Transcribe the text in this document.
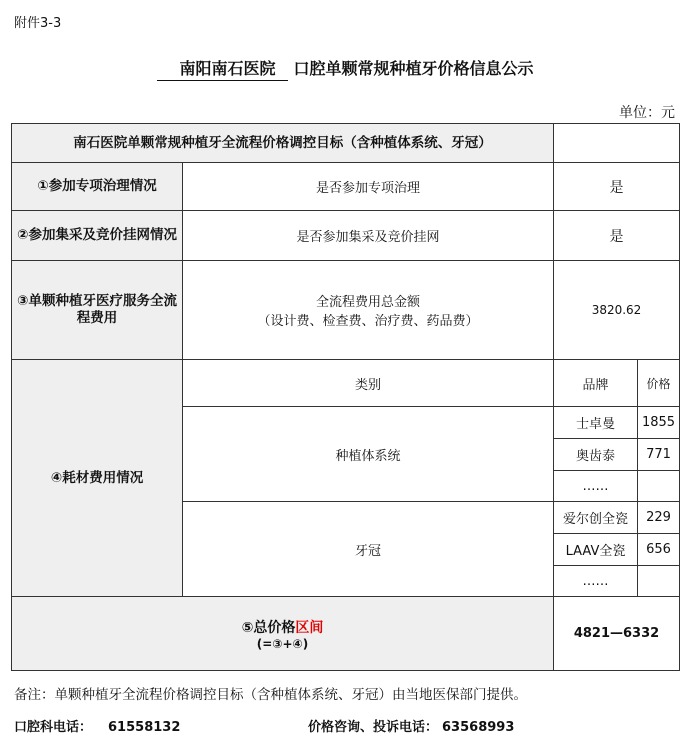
附件3-3
南阳南石医院 口腔单颗常规种植牙价格信息公示
单位：元
南石医院单颗常规种植牙全流程价格调控目标（含种植体系统、牙冠）			
①参加专项治理情况	是否参加专项治理	是	
②参加集采及竞价挂网情况	是否参加集采及竞价挂网	是	
③单颗种植牙医疗服务全流程费用	全流程费用总金额
（设计费、检查费、治疗费、药品费）	3820.62	
④耗材费用情况	类别	品牌	价格
	种植体系统	士卓曼	1855
		奥齿泰	771
		……	
	牙冠	爱尔创全瓷	229
		LAAV全瓷	656
		……	
⑤总价格区间
(=③+④)		4821—6332	
备注：单颗种植牙全流程价格调控目标（含种植体系统、牙冠）由当地医保部门提供。
口腔科电话： 61558132	价格咨询、投诉电话： 63568993
